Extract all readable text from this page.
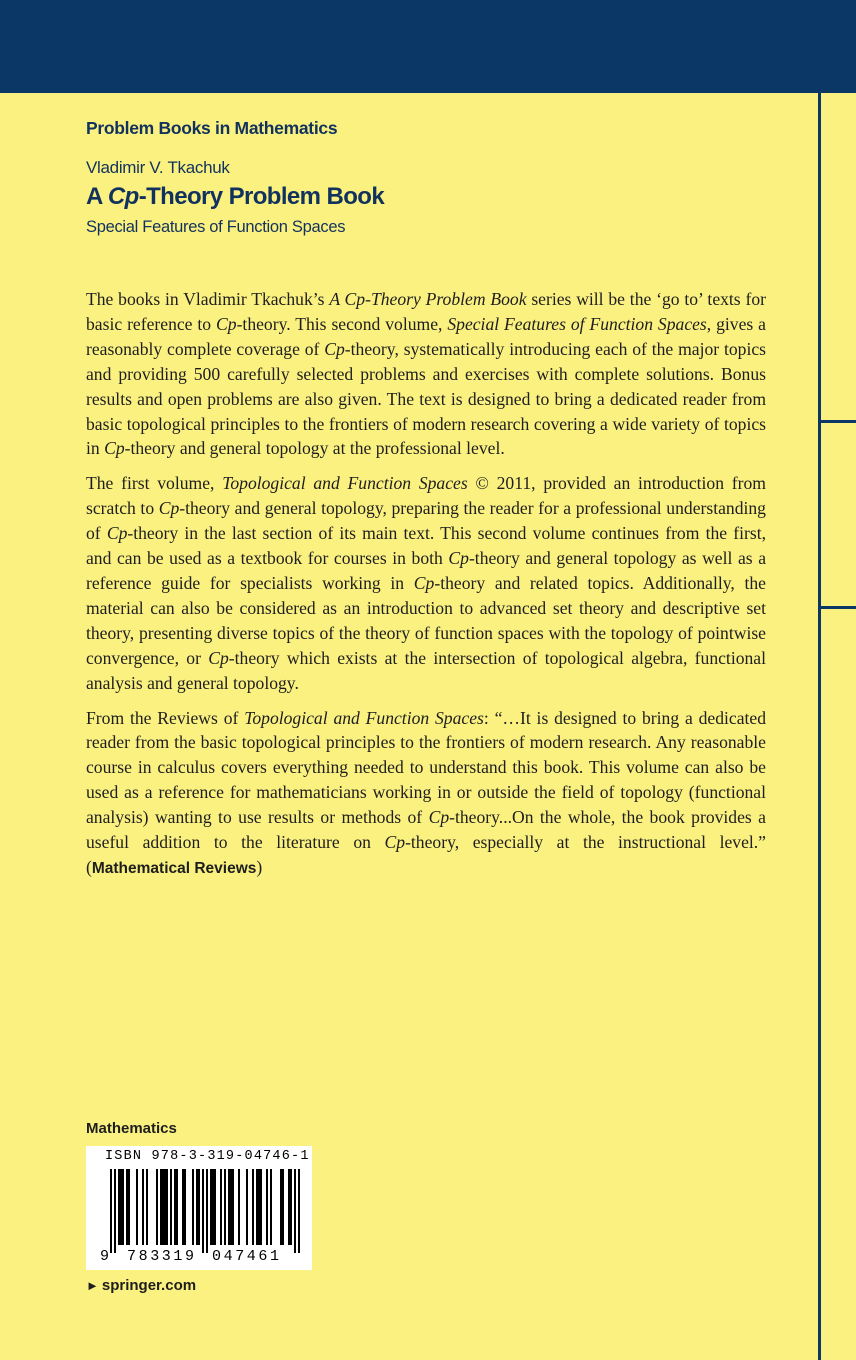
Problem Books in Mathematics
Vladimir V. Tkachuk
A Cp-Theory Problem Book
Special Features of Function Spaces

The books in Vladimir Tkachuk’s A Cp-Theory Problem Book series will be the ‘go to’ texts for basic reference to Cp-theory. This second volume, Special Features of Function Spaces, gives a reasonably complete coverage of Cp-theory, systematically introducing each of the major topics and providing 500 carefully selected problems and exercises with complete solutions. Bonus results and open problems are also given. The text is designed to bring a dedicated reader from basic topological principles to the frontiers of modern research covering a wide variety of topics in Cp-theory and general topology at the professional level.

The first volume, Topological and Function Spaces © 2011, provided an introduction from scratch to Cp-theory and general topology, preparing the reader for a professional understanding of Cp-theory in the last section of its main text. This second volume continues from the first, and can be used as a textbook for courses in both Cp-theory and general topology as well as a reference guide for specialists working in Cp-theory and related topics. Additionally, the material can also be considered as an introduction to advanced set theory and descriptive set theory, presenting diverse topics of the theory of function spaces with the topology of pointwise convergence, or Cp-theory which exists at the intersection of topological algebra, functional analysis and general topology.

From the Reviews of Topological and Function Spaces: “…It is designed to bring a dedicated reader from the basic topological principles to the frontiers of modern research. Any reasonable course in calculus covers everything needed to understand this book. This volume can also be used as a reference for mathematicians working in or outside the field of topology (functional analysis) wanting to use results or methods of Cp-theory...On the whole, the book provides a useful addition to the literature on Cp-theory, especially at the instructional level.” (Mathematical Reviews)

Mathematics
ISBN 978-3-319-04746-1
9 783319 047461
► springer.com
